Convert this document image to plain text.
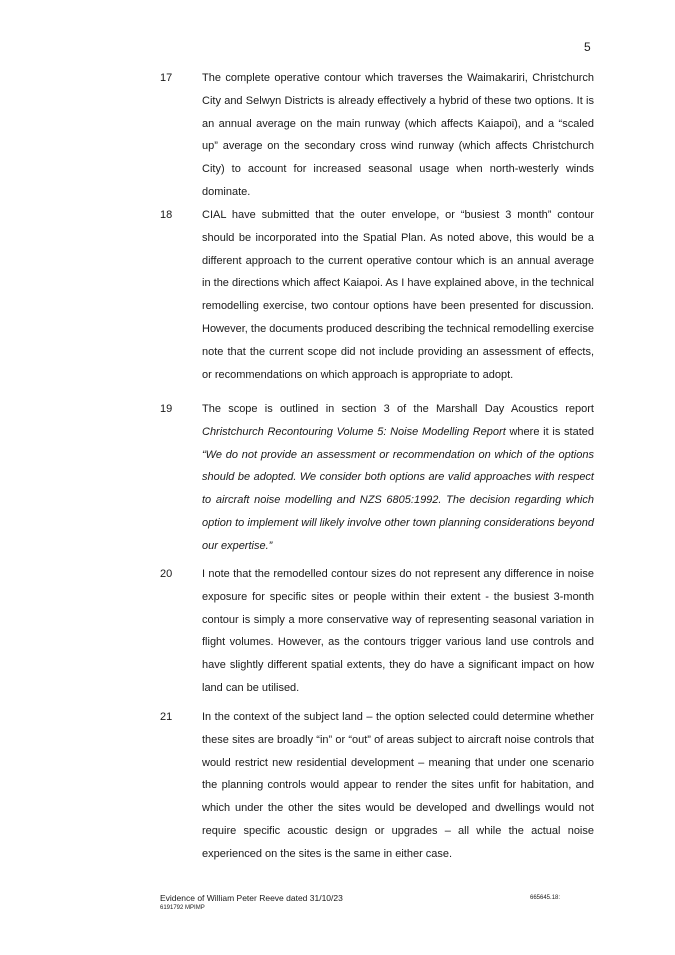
5
17	The complete operative contour which traverses the Waimakariri, Christchurch City and Selwyn Districts is already effectively a hybrid of these two options. It is an annual average on the main runway (which affects Kaiapoi), and a “scaled up” average on the secondary cross wind runway (which affects Christchurch City) to account for increased seasonal usage when north-westerly winds dominate.
18	CIAL have submitted that the outer envelope, or “busiest 3 month” contour should be incorporated into the Spatial Plan. As noted above, this would be a different approach to the current operative contour which is an annual average in the directions which affect Kaiapoi. As I have explained above, in the technical remodelling exercise, two contour options have been presented for discussion. However, the documents produced describing the technical remodelling exercise note that the current scope did not include providing an assessment of effects, or recommendations on which approach is appropriate to adopt.
19	The scope is outlined in section 3 of the Marshall Day Acoustics report Christchurch Recontouring Volume 5: Noise Modelling Report where it is stated “We do not provide an assessment or recommendation on which of the options should be adopted. We consider both options are valid approaches with respect to aircraft noise modelling and NZS 6805:1992. The decision regarding which option to implement will likely involve other town planning considerations beyond our expertise.”
20	I note that the remodelled contour sizes do not represent any difference in noise exposure for specific sites or people within their extent - the busiest 3-month contour is simply a more conservative way of representing seasonal variation in flight volumes. However, as the contours trigger various land use controls and have slightly different spatial extents, they do have a significant impact on how land can be utilised.
21	In the context of the subject land – the option selected could determine whether these sites are broadly “in” or “out” of areas subject to aircraft noise controls that would restrict new residential development – meaning that under one scenario the planning controls would appear to render the sites unfit for habitation, and which under the other the sites would be developed and dwellings would not require specific acoustic design or upgrades – all while the actual noise experienced on the sites is the same in either case.
Evidence of William Peter Reeve dated 31/10/23
6191792 MPIMP
665645.18:
